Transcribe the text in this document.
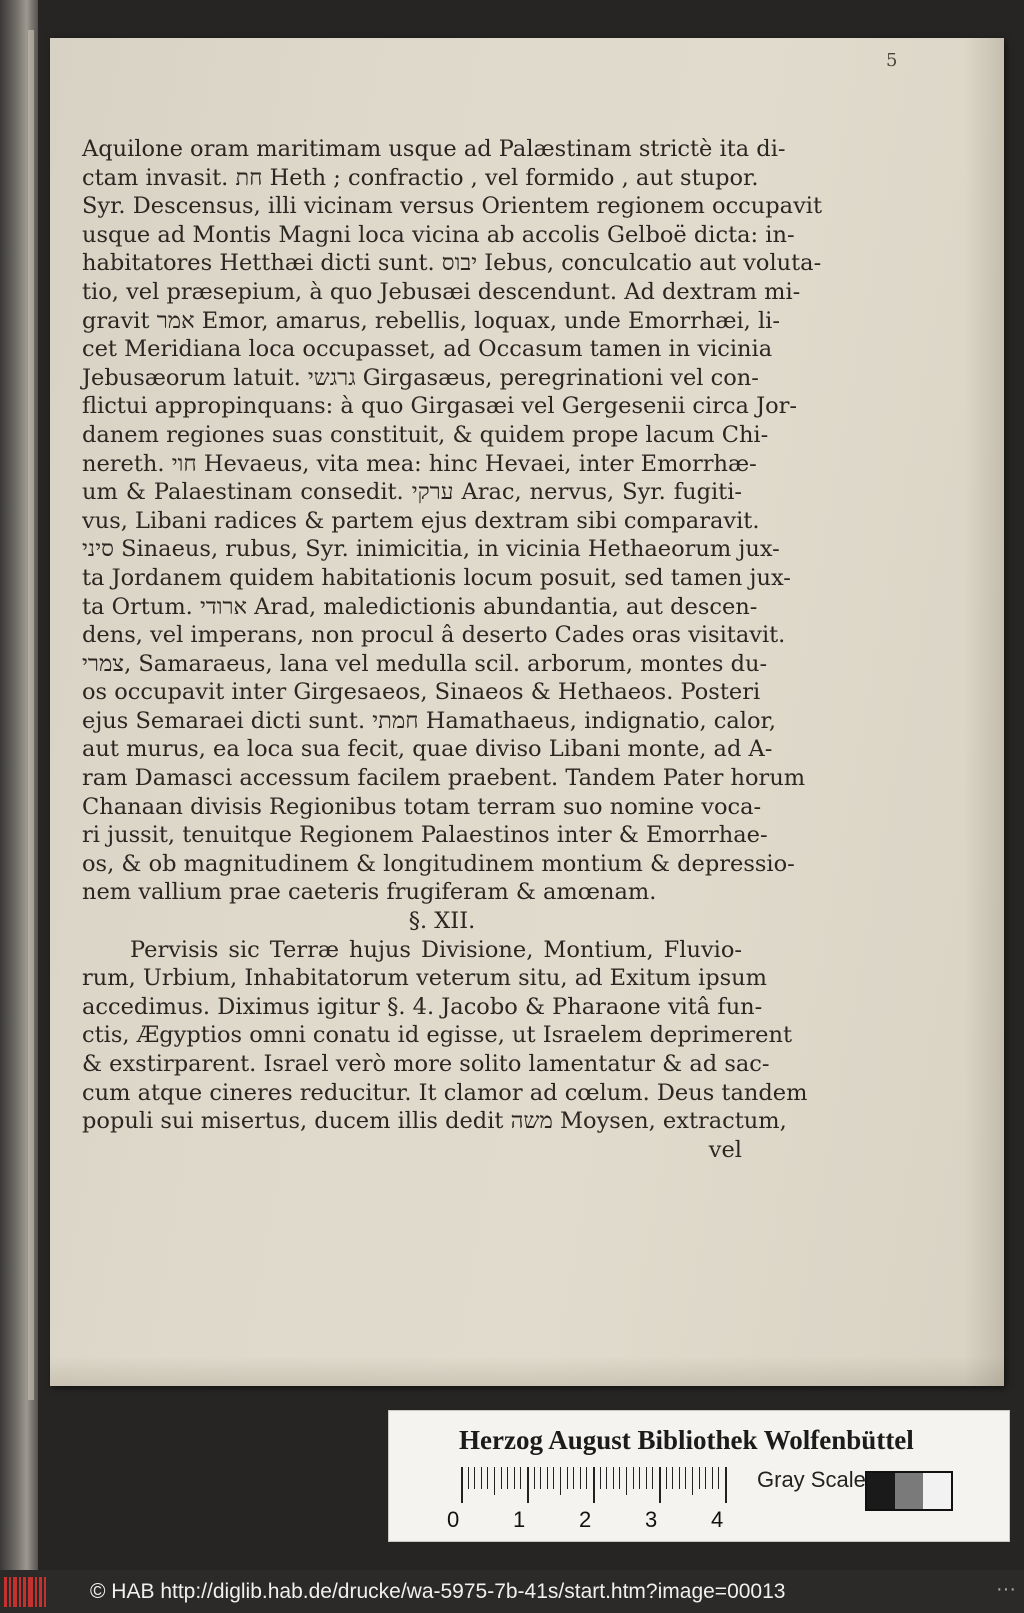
5
Aquilone oram maritimam usque ad Palæstinam strictè ita di-
ctam invasit. חת Heth ; confractio , vel formido , aut stupor.
Syr. Descensus, illi vicinam versus Orientem regionem occupavit
usque ad Montis Magni loca vicina ab accolis Gelboë dicta: in-
habitatores Hetthæi dicti sunt. יבוס Iebus, conculcatio aut voluta-
tio, vel præsepium, à quo Jebusæi descendunt. Ad dextram mi-
gravit אמר Emor, amarus, rebellis, loquax, unde Emorrhæi, li-
cet Meridiana loca occupasset, ad Occasum tamen in vicinia
Jebusæorum latuit. גרגשי Girgasæus, peregrinationi vel con-
flictui appropinquans: à quo Girgasæi vel Gergesenii circa Jor-
danem regiones suas constituit, & quidem prope lacum Chi-
nereth. חוי Hevaeus, vita mea: hinc Hevaei, inter Emorrhæ-
um & Palaestinam consedit. ערקי Arac, nervus, Syr. fugiti-
vus, Libani radices & partem ejus dextram sibi comparavit.
סיני Sinaeus, rubus, Syr. inimicitia, in vicinia Hethaeorum jux-
ta Jordanem quidem habitationis locum posuit, sed tamen jux-
ta Ortum. ארודי Arad, maledictionis abundantia, aut descen-
dens, vel imperans, non procul â deserto Cades oras visitavit.
צמרי, Samaraeus, lana vel medulla scil. arborum, montes du-
os occupavit inter Girgesaeos, Sinaeos & Hethaeos. Posteri
ejus Semaraei dicti sunt. חמתי Hamathaeus, indignatio, calor,
aut murus, ea loca sua fecit, quae diviso Libani monte, ad A-
ram Damasci accessum facilem praebent. Tandem Pater horum
Chanaan divisis Regionibus totam terram suo nomine voca-
ri jussit, tenuitque Regionem Palaestinos inter & Emorrhae-
os, & ob magnitudinem & longitudinem montium & depressio-
nem vallium prae caeteris frugiferam & amœnam.
§. XII.
Pervisis sic Terræ hujus Divisione, Montium, Fluvio-
rum, Urbium, Inhabitatorum veterum situ, ad Exitum ipsum
accedimus. Diximus igitur §. 4. Jacobo & Pharaone vitâ fun-
ctis, Ægyptios omni conatu id egisse, ut Israelem deprimerent
& exstirparent. Israel verò more solito lamentatur & ad sac-
cum atque cineres reducitur. It clamor ad cœlum. Deus tandem
populi sui misertus, ducem illis dedit משה Moysen, extractum,
vel
Herzog August Bibliothek Wolfenbüttel
0 1 2 3 4
Gray Scale
© HAB http://diglib.hab.de/drucke/wa-5975-7b-41s/start.htm?image=00013	···
